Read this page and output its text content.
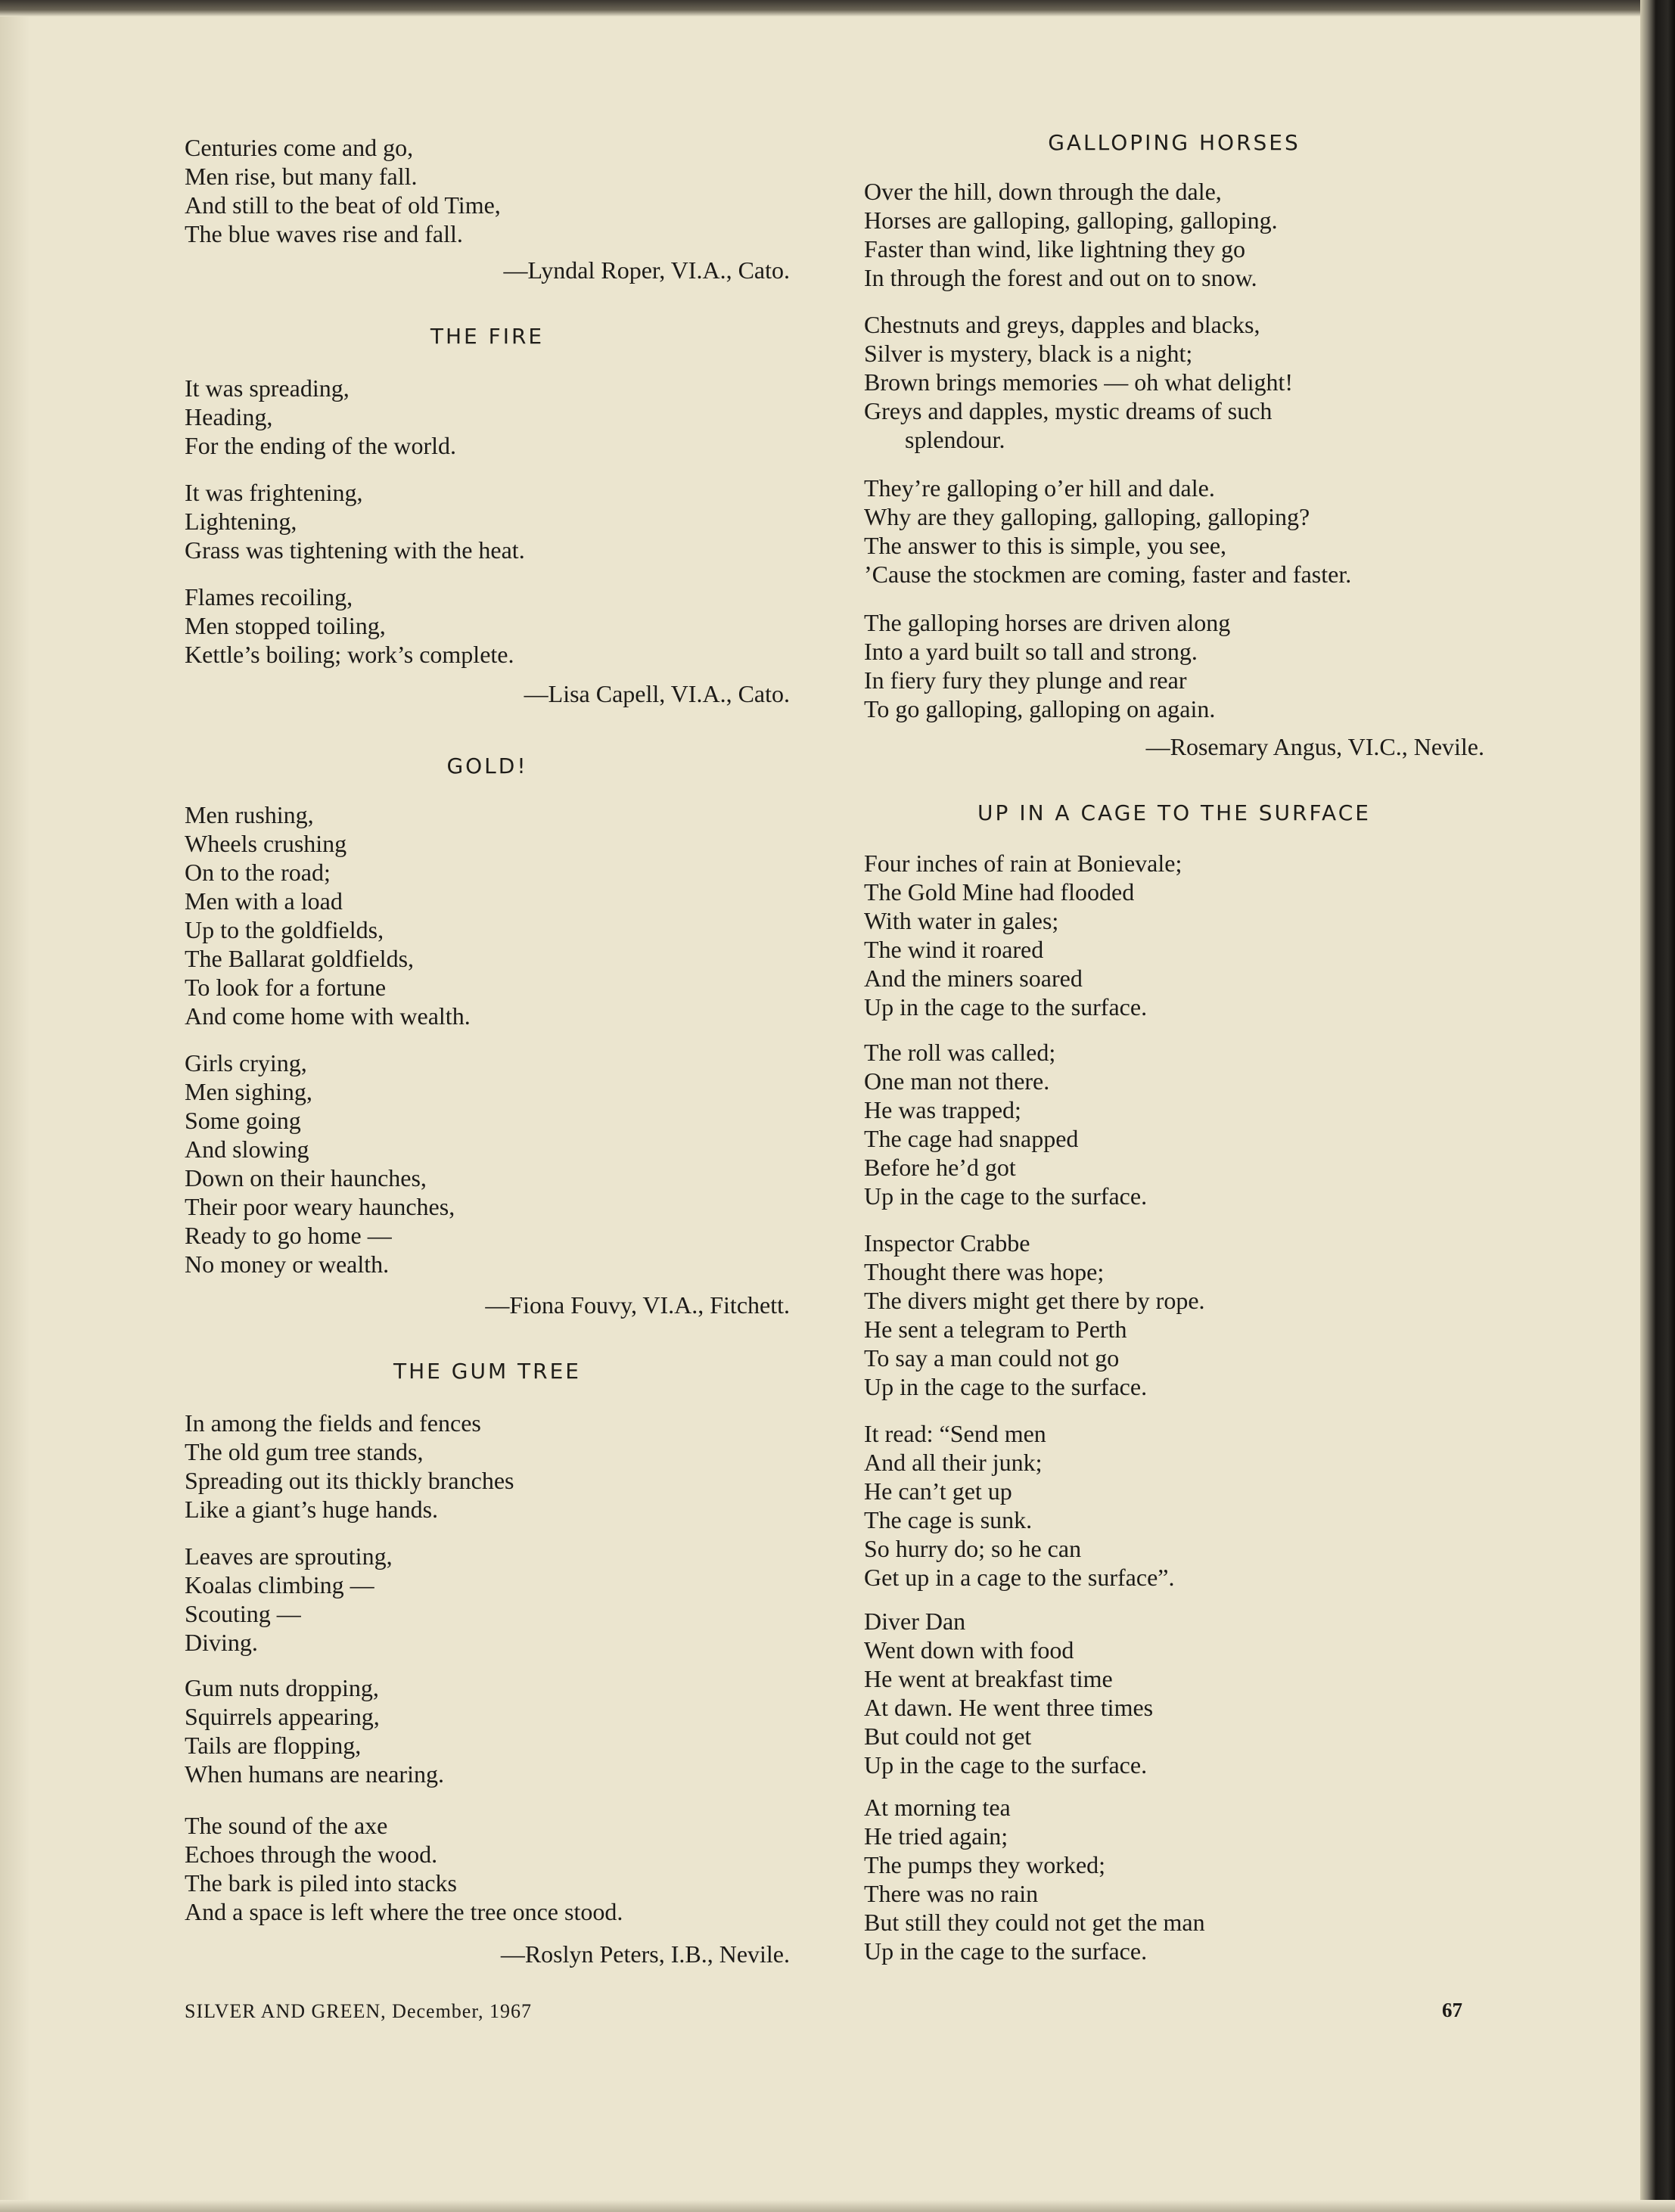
Centuries come and go,
Men rise, but many fall.
And still to the beat of old Time,
The blue waves rise and fall.
—Lyndal Roper, VI.A., Cato.
THE FIRE
It was spreading,
Heading,
For the ending of the world.
It was frightening,
Lightening,
Grass was tightening with the heat.
Flames recoiling,
Men stopped toiling,
Kettle’s boiling; work’s complete.
—Lisa Capell, VI.A., Cato.
GOLD!
Men rushing,
Wheels crushing
On to the road;
Men with a load
Up to the goldfields,
The Ballarat goldfields,
To look for a fortune
And come home with wealth.
Girls crying,
Men sighing,
Some going
And slowing
Down on their haunches,
Their poor weary haunches,
Ready to go home —
No money or wealth.
—Fiona Fouvy, VI.A., Fitchett.
THE GUM TREE
In among the fields and fences
The old gum tree stands,
Spreading out its thickly branches
Like a giant’s huge hands.
Leaves are sprouting,
Koalas climbing —
Scouting —
Diving.
Gum nuts dropping,
Squirrels appearing,
Tails are flopping,
When humans are nearing.
The sound of the axe
Echoes through the wood.
The bark is piled into stacks
And a space is left where the tree once stood.
—Roslyn Peters, I.B., Nevile.
GALLOPING HORSES
Over the hill, down through the dale,
Horses are galloping, galloping, galloping.
Faster than wind, like lightning they go
In through the forest and out on to snow.
Chestnuts and greys, dapples and blacks,
Silver is mystery, black is a night;
Brown brings memories — oh what delight!
Greys and dapples, mystic dreams of such
splendour.
They’re galloping o’er hill and dale.
Why are they galloping, galloping, galloping?
The answer to this is simple, you see,
’Cause the stockmen are coming, faster and faster.
The galloping horses are driven along
Into a yard built so tall and strong.
In fiery fury they plunge and rear
To go galloping, galloping on again.
—Rosemary Angus, VI.C., Nevile.
UP IN A CAGE TO THE SURFACE
Four inches of rain at Bonievale;
The Gold Mine had flooded
With water in gales;
The wind it roared
And the miners soared
Up in the cage to the surface.
The roll was called;
One man not there.
He was trapped;
The cage had snapped
Before he’d got
Up in the cage to the surface.
Inspector Crabbe
Thought there was hope;
The divers might get there by rope.
He sent a telegram to Perth
To say a man could not go
Up in the cage to the surface.
It read: “Send men
And all their junk;
He can’t get up
The cage is sunk.
So hurry do; so he can
Get up in a cage to the surface”.
Diver Dan
Went down with food
He went at breakfast time
At dawn. He went three times
But could not get
Up in the cage to the surface.
At morning tea
He tried again;
The pumps they worked;
There was no rain
But still they could not get the man
Up in the cage to the surface.
SILVER AND GREEN, December, 1967	67
